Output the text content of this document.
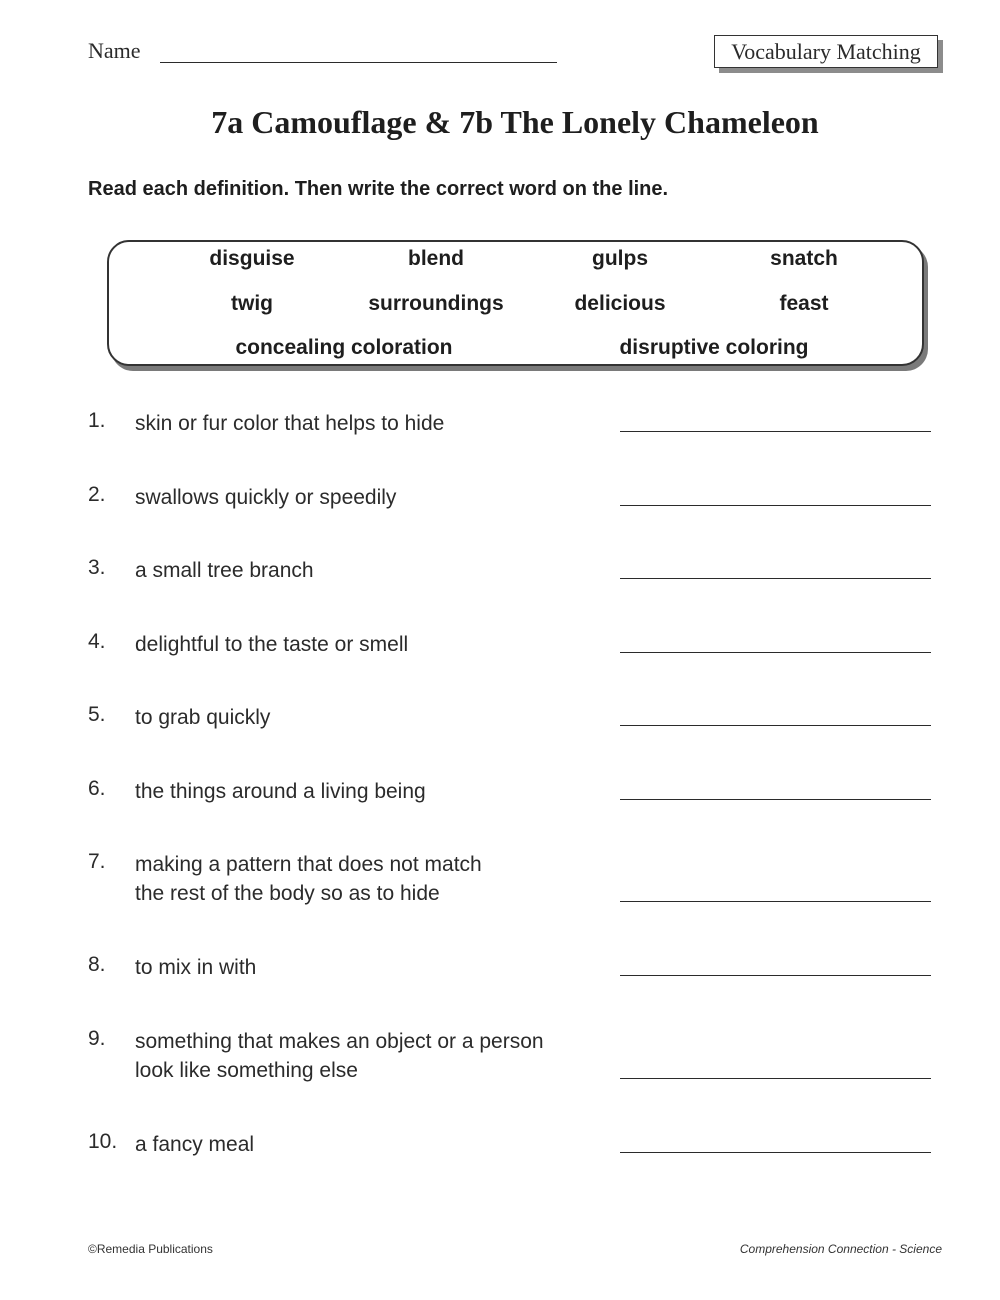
Name	Vocabulary Matching
7a Camouflage & 7b The Lonely Chameleon
Read each definition. Then write the correct word on the line.
disguise	blend	gulps	snatch
twig	surroundings	delicious	feast
concealing coloration	disruptive coloring
1. skin or fur color that helps to hide
2. swallows quickly or speedily
3. a small tree branch
4. delightful to the taste or smell
5. to grab quickly
6. the things around a living being
7. making a pattern that does not match
the rest of the body so as to hide
8. to mix in with
9. something that makes an object or a person
look like something else
10. a fancy meal
©Remedia Publications	Comprehension Connection - Science
